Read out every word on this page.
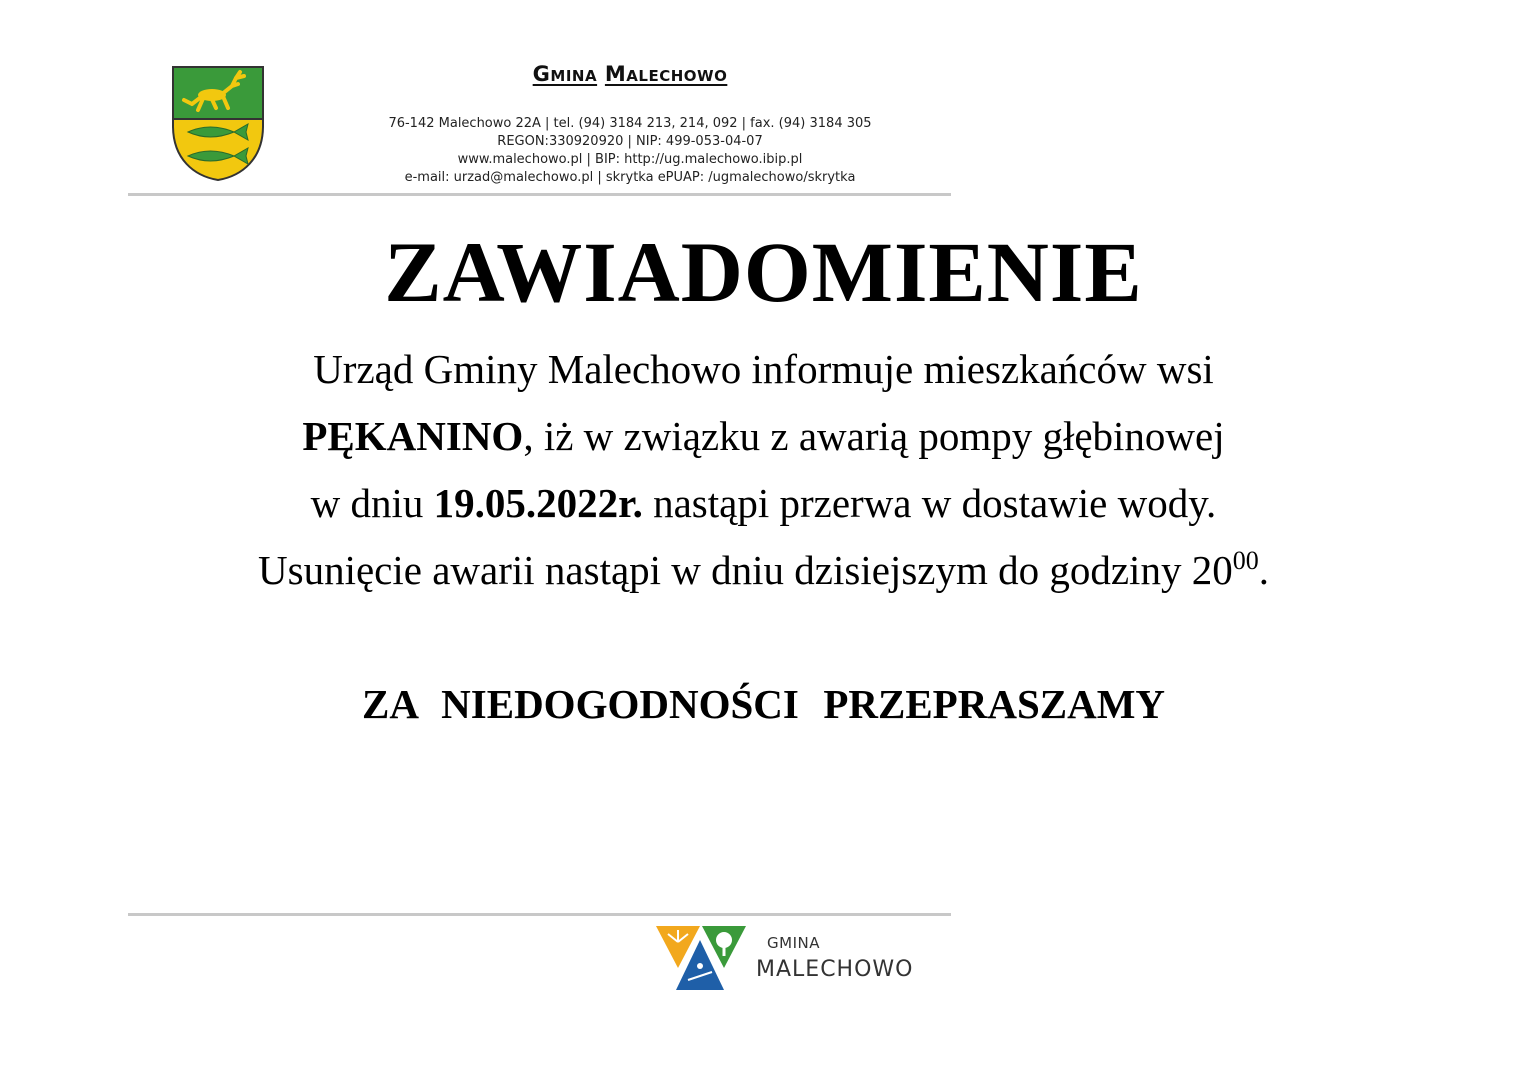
Gmina Malechowo
76-142 Malechowo 22A | tel. (94) 3184 213, 214, 092 | fax. (94) 3184 305
REGON:330920920 | NIP: 499-053-04-07
www.malechowo.pl | BIP: http://ug.malechowo.ibip.pl
e-mail: urzad@malechowo.pl | skrytka ePUAP: /ugmalechowo/skrytka
ZAWIADOMIENIE
Urząd Gminy Malechowo informuje mieszkańców wsi
PĘKANINO, iż w związku z awarią pompy głębinowej
w dniu 19.05.2022r. nastąpi przerwa w dostawie wody.
Usunięcie awarii nastąpi w dniu dzisiejszym do godziny $20^{00}$.
ZA  NIEDOGODNOŚCI  PRZEPRASZAMY
GMINA
MALECHOWO
